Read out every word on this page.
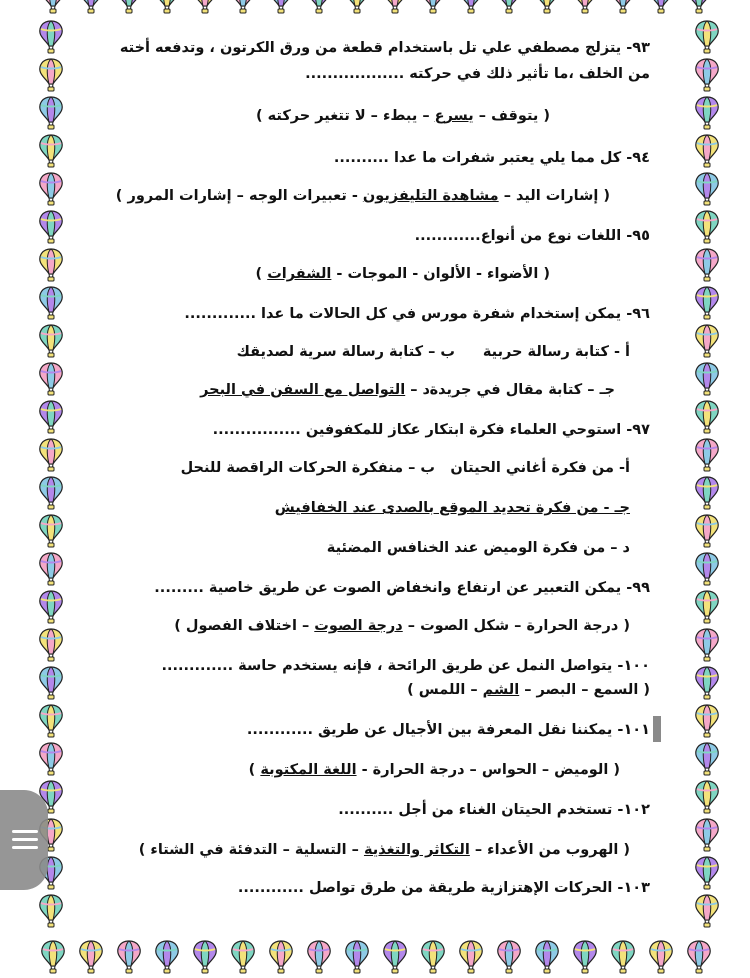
٩٣- يتزلج مصطفي علي تل باستخدام قطعة من ورق الكرتون ، وتدفعه أخته
من الخلف ،ما تأثير ذلك في حركته ..................
( يتوقف – يسرع – يبطء – لا تتغير حركته )
٩٤- كل مما يلي يعتبر شفرات ما عدا ..........
( إشارات اليد – مشاهدة التليفزيون - تعبيرات الوجه – إشارات المرور )
٩٥- اللغات نوع من أنواع............
( الأضواء - الألوان - الموجات - الشفرات )
٩٦- يمكن إستخدام شفرة مورس في كل الحالات ما عدا .............
أ - كتابة رسالة حربية
ب – كتابة رسالة سرية لصديقك
جـ – كتابة مقال في جريدة
د – التواصل مع السفن في البحر
٩٧- استوحي العلماء فكرة ابتكار عكاز للمكفوفين ................
أ- من فكرة أغاني الحيتان
ب – منفكرة الحركات الراقصة للنحل
جـ - من فكرة تحديد الموقع بالصدى عند الخفافيش
د – من فكرة الوميض عند الخنافس المضئية
٩٩- يمكن التعبير عن ارتفاع وانخفاض الصوت عن طريق خاصية .........
( درجة الحرارة – شكل الصوت – درجة الصوت – اختلاف الفصول )
١٠٠- يتواصل النمل عن طريق الرائحة ، فإنه يستخدم حاسة .............
( السمع – البصر – الشم – اللمس )
١٠١- يمكننا نقل المعرفة بين الأجيال عن طريق ............
( الوميض – الحواس – درجة الحرارة - اللغة المكتوبة )
١٠٢- تستخدم الحيتان الغناء من أجل ..........
( الهروب من الأعداء – التكاثر والتغذية – التسلية – التدفئة في الشتاء )
١٠٣- الحركات الإهتزازية طريقة من طرق تواصل ............
